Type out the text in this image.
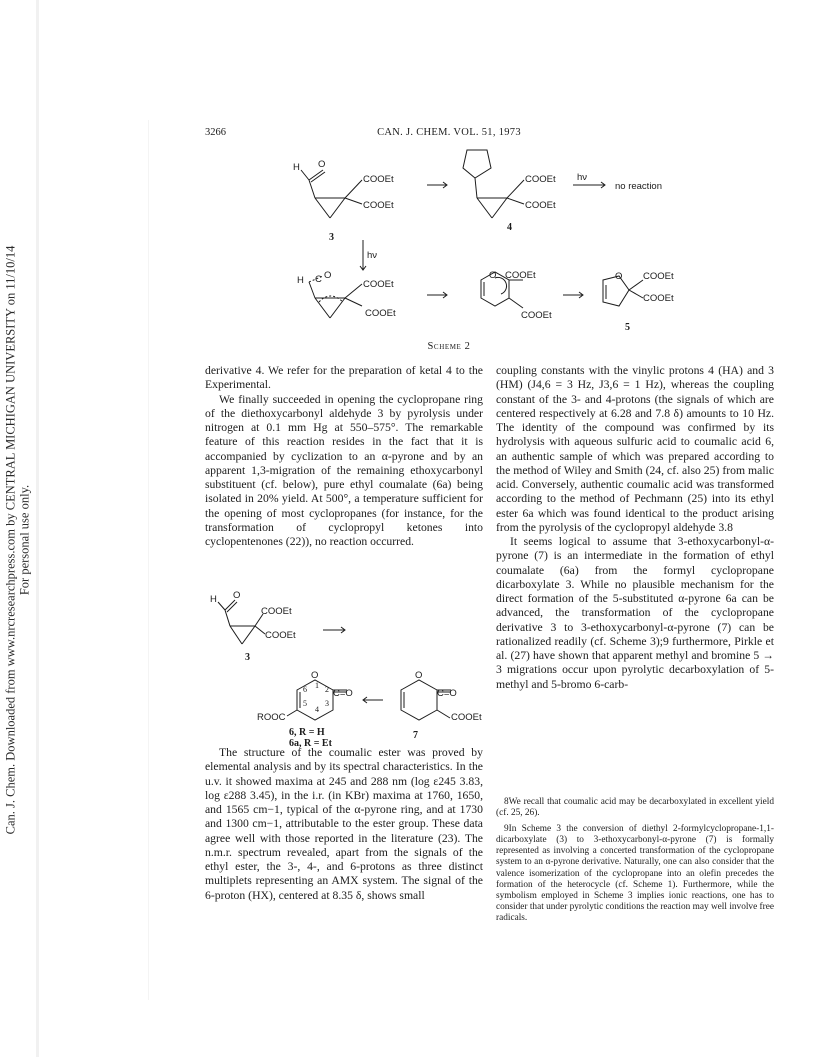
Can. J. Chem. Downloaded from www.nrcresearchpress.com by CENTRAL MICHIGAN UNIVERSITY on 11/10/14 For personal use only.
3266	CAN. J. CHEM. VOL. 51, 1973
H O
COOEt
COOEt
3
COOEt
COOEt
4
hν
no reaction
hν
H C O
COOEt
COOEt
O COOEt
COOEt
O COOEt
COOEt
5
Scheme 2

derivative 4. We refer for the preparation of ketal 4 to the Experimental.

We finally succeeded in opening the cyclopropane ring of the diethoxycarbonyl aldehyde 3 by pyrolysis under nitrogen at 0.1 mm Hg at 550–575°. The remarkable feature of this reaction resides in the fact that it is accompanied by cyclization to an α-pyrone and by an apparent 1,3-migration of the remaining ethoxycarbonyl substituent (cf. below), pure ethyl coumalate (6a) being isolated in 20% yield. At 500°, a temperature sufficient for the opening of most cyclopropanes (for instance, for the transformation of cyclopropyl ketones into cyclopentenones (22)), no reaction occurred.

H O
COOEt
COOEt
3
O
C=O
6 1 2
5
4
3
ROOC
O
C=O
COOEt
6, R = H
6a, R = Et
7

The structure of the coumalic ester was proved by elemental analysis and by its spectral characteristics. In the u.v. it showed maxima at 245 and 288 nm (log ε245 3.83, log ε288 3.45), in the i.r. (in KBr) maxima at 1760, 1650, and 1565 cm−1, typical of the α-pyrone ring, and at 1730 and 1300 cm−1, attributable to the ester group. These data agree well with those reported in the literature (23). The n.m.r. spectrum revealed, apart from the signals of the ethyl ester, the 3-, 4-, and 6-protons as three distinct multiplets representing an AMX system. The signal of the 6-proton (HX), centered at 8.35 δ, shows small

coupling constants with the vinylic protons 4 (HA) and 3 (HM) (J4,6 = 3 Hz, J3,6 = 1 Hz), whereas the coupling constant of the 3- and 4-protons (the signals of which are centered respectively at 6.28 and 7.8 δ) amounts to 10 Hz. The identity of the compound was confirmed by its hydrolysis with aqueous sulfuric acid to coumalic acid 6, an authentic sample of which was prepared according to the method of Wiley and Smith (24, cf. also 25) from malic acid. Conversely, authentic coumalic acid was transformed according to the method of Pechmann (25) into its ethyl ester 6a which was found identical to the product arising from the pyrolysis of the cyclopropyl aldehyde 3.8

It seems logical to assume that 3-ethoxycarbonyl-α-pyrone (7) is an intermediate in the formation of ethyl coumalate (6a) from the formyl cyclopropane dicarboxylate 3. While no plausible mechanism for the direct formation of the 5-substituted α-pyrone 6a can be advanced, the transformation of the cyclopropane derivative 3 to 3-ethoxycarbonyl-α-pyrone (7) can be rationalized readily (cf. Scheme 3);9 furthermore, Pirkle et al. (27) have shown that apparent methyl and bromine 5 → 3 migrations occur upon pyrolytic decarboxylation of 5-methyl and 5-bromo 6-carb-

8We recall that coumalic acid may be decarboxylated in excellent yield (cf. 25, 26).

9In Scheme 3 the conversion of diethyl 2-formylcyclopropane-1,1-dicarboxylate (3) to 3-ethoxycarbonyl-α-pyrone (7) is formally represented as involving a concerted transformation of the cyclopropane system to an α-pyrone derivative. Naturally, one can also consider that the valence isomerization of the cyclopropane into an olefin precedes the formation of the heterocycle (cf. Scheme 1). Furthermore, while the symbolism employed in Scheme 3 implies ionic reactions, one has to consider that under pyrolytic conditions the reaction may well involve free radicals.
